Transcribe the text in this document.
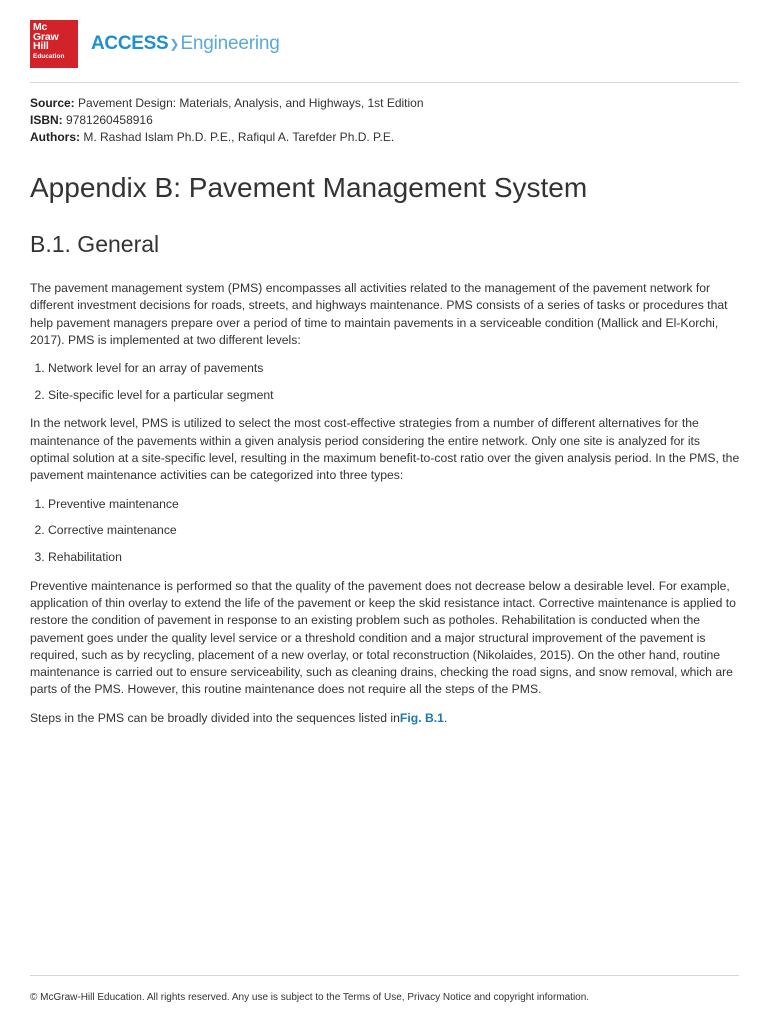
Mc
Graw
Hill
Education
ACCESS ❯ Engineering
Source: Pavement Design: Materials, Analysis, and Highways, 1st Edition
ISBN: 9781260458916
Authors: M. Rashad Islam Ph.D. P.E., Rafiqul A. Tarefder Ph.D. P.E.
Appendix B: Pavement Management System
B.1. General

The pavement management system (PMS) encompasses all activities related to the management of the pavement network for different investment decisions for roads, streets, and highways maintenance. PMS consists of a series of tasks or procedures that help pavement managers prepare over a period of time to maintain pavements in a serviceable condition (Mallick and El-Korchi, 2017). PMS is implemented at two different levels:

1. Network level for an array of pavements
2. Site-specific level for a particular segment

In the network level, PMS is utilized to select the most cost-effective strategies from a number of different alternatives for the maintenance of the pavements within a given analysis period considering the entire network. Only one site is analyzed for its optimal solution at a site-specific level, resulting in the maximum benefit-to-cost ratio over the given analysis period. In the PMS, the pavement maintenance activities can be categorized into three types:

1. Preventive maintenance
2. Corrective maintenance
3. Rehabilitation

Preventive maintenance is performed so that the quality of the pavement does not decrease below a desirable level. For example, application of thin overlay to extend the life of the pavement or keep the skid resistance intact. Corrective maintenance is applied to restore the condition of pavement in response to an existing problem such as potholes. Rehabilitation is conducted when the pavement goes under the quality level service or a threshold condition and a major structural improvement of the pavement is required, such as by recycling, placement of a new overlay, or total reconstruction (Nikolaides, 2015). On the other hand, routine maintenance is carried out to ensure serviceability, such as cleaning drains, checking the road signs, and snow removal, which are parts of the PMS. However, this routine maintenance does not require all the steps of the PMS.

Steps in the PMS can be broadly divided into the sequences listed inFig. B.1.

© McGraw-Hill Education. All rights reserved. Any use is subject to the Terms of Use, Privacy Notice and copyright information.
